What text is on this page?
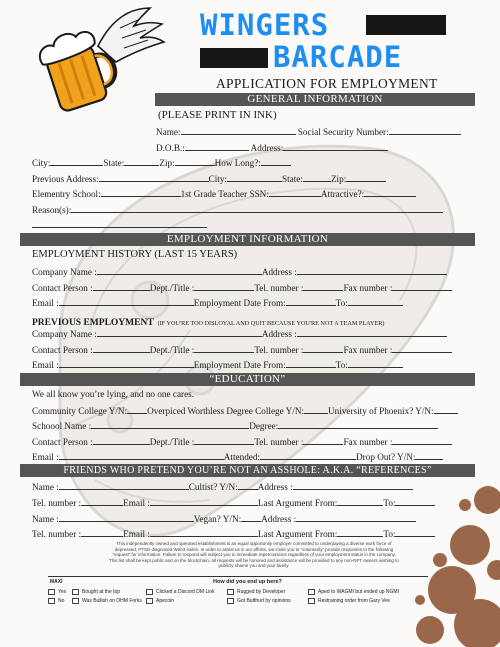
WINGERS
BARCADE
APPLICATION FOR EMPLOYMENT
GENERAL INFORMATION
(PLEASE PRINT IN INK)
Name:	Social Security Number:
D.O.B.:	Address:
City:	State:	Zip:	How Long?:
Previous Address:	City:	State:	Zip:
Elementry School:	1st Grade Teacher SSN:	Attractive?:
Reason(s):
EMPLOYMENT INFORMATION
EMPLOYMENT HISTORY (LAST 15 YEARS)
Company Name :	Address :
Contact Person :	Dept./Title :	Tel. number :	Fax number :
Email :	Employment Date From:	To:
PREVIOUS EMPLOYMENT (IF YOU'RE TOO DISLOYAL AND QUIT BECAUSE YOU'RE NOT A TEAM PLAYER)
Company Name :	Address :
Contact Person :	Dept./Title :	Tel. number :	Fax number :
Email :	Employment Date From:	To:
“EDUCATION”
We all know you’re lying, and no one cares.
Community College Y/N: Overpiced Worthless Degree College Y/N:	University of Phoenix? Y/N:
Schoool Name :	Degree:
Contact Person :	Dept./Title :	Tel. number :	Fax number :
Email :	Attended:	Drop Out? Y/N:
FRIENDS WHO PRETEND YOU’RE NOT AN ASSHOLE: A.K.A. “REFERENCES”
Name :	Cultist? Y/N: Address :
Tel. number :	Email :	Last Argument From:	To:
Name :	Vegan? Y/N: Address :
Tel. number :	Email :	Last Argument From:	To:
This independently owned and operated establishment is an equal opportunity employer committed to underpaying a diverse work force of depressed, PTSD diagnosed Web3 exiles. In order to assist us in our efforts, we invite you to “voluntarily” provide responses to the following “request” for information. Failure to respond will subject you to immediate repercussions regardless of your employment status in the company. This list shall be kept public and on the blockchain, all requests will be honored and assistance will be provided to any non-NFT owners wishing to publicly shame you and your family.
MAXI	How did you end up here?
Yes
No
Bought at the top
Was Bullish on OHM Forks
Clicked a Discord DM Link
Apecoin
Rugged by Developer
Got Butthurt by opinions
Aped to WAGMI but ended up NGMI
Restraining order from Gary Vee
